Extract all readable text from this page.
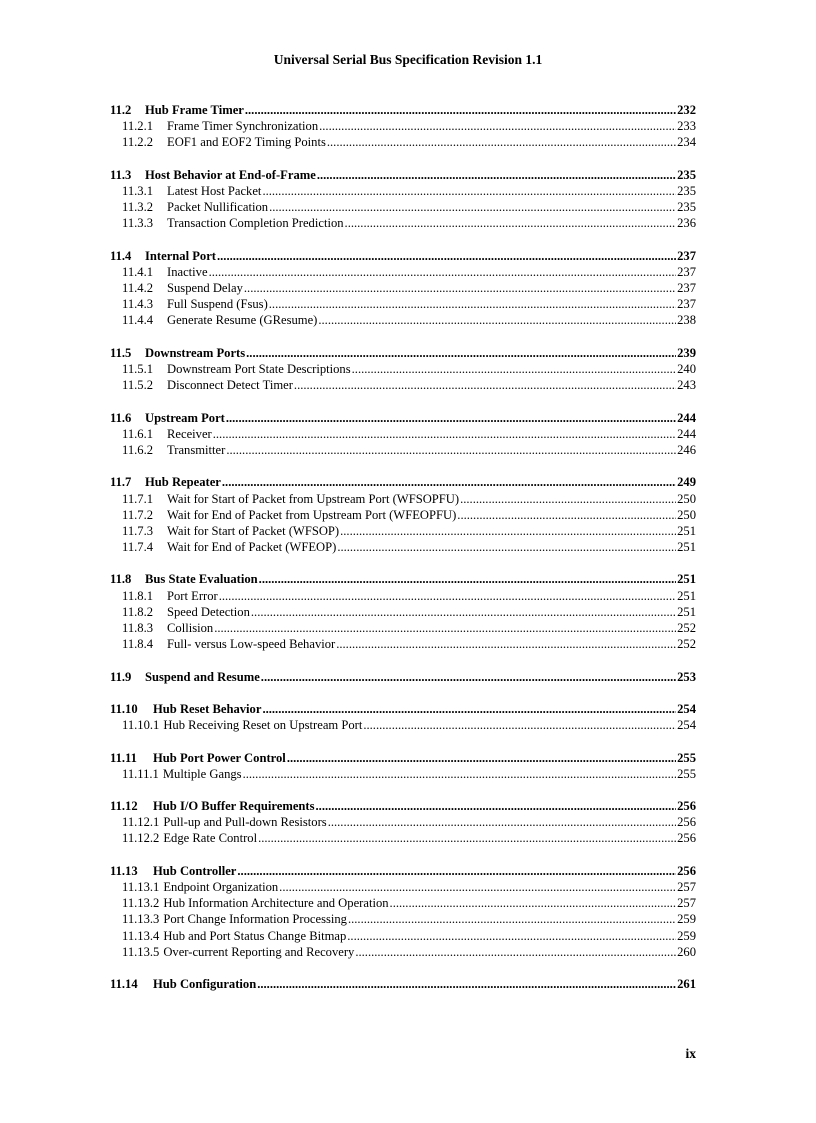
Universal Serial Bus Specification Revision 1.1
11.2	Hub Frame Timer .....	232
11.2.1	Frame Timer Synchronization .....	233
11.2.2	EOF1 and EOF2 Timing Points .....	234
11.3	Host Behavior at End-of-Frame .....	235
11.3.1	Latest Host Packet .....	235
11.3.2	Packet Nullification .....	235
11.3.3	Transaction Completion Prediction .....	236
11.4	Internal Port .....	237
11.4.1	Inactive .....	237
11.4.2	Suspend Delay .....	237
11.4.3	Full Suspend (Fsus) .....	237
11.4.4	Generate Resume (GResume) .....	238
11.5	Downstream Ports .....	239
11.5.1	Downstream Port State Descriptions .....	240
11.5.2	Disconnect Detect Timer .....	243
11.6	Upstream Port .....	244
11.6.1	Receiver .....	244
11.6.2	Transmitter .....	246
11.7	Hub Repeater .....	249
11.7.1	Wait for Start of Packet from Upstream Port (WFSOPFU) .....	250
11.7.2	Wait for End of Packet from Upstream Port (WFEOPFU) .....	250
11.7.3	Wait for Start of Packet (WFSOP) .....	251
11.7.4	Wait for End of Packet (WFEOP) .....	251
11.8	Bus State Evaluation .....	251
11.8.1	Port Error .....	251
11.8.2	Speed Detection .....	251
11.8.3	Collision .....	252
11.8.4	Full- versus Low-speed Behavior .....	252
11.9	Suspend and Resume .....	253
11.10	Hub Reset Behavior .....	254
11.10.1 Hub Receiving Reset on Upstream Port .....	254
11.11	Hub Port Power Control .....	255
11.11.1 Multiple Gangs .....	255
11.12	Hub I/O Buffer Requirements .....	256
11.12.1 Pull-up and Pull-down Resistors .....	256
11.12.2 Edge Rate Control .....	256
11.13	Hub Controller .....	256
11.13.1 Endpoint Organization .....	257
11.13.2 Hub Information Architecture and Operation .....	257
11.13.3 Port Change Information Processing .....	259
11.13.4 Hub and Port Status Change Bitmap .....	259
11.13.5 Over-current Reporting and Recovery .....	260
11.14	Hub Configuration .....	261
ix
